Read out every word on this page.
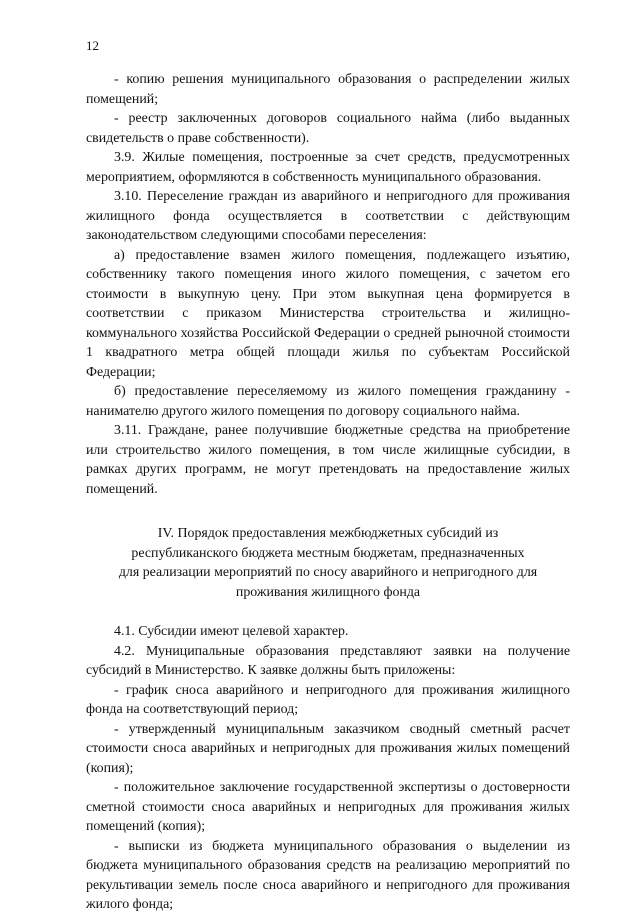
12

- копию решения муниципального образования о распределении жилых помещений;

- реестр заключенных договоров социального найма (либо выданных свидетельств о праве собственности).

3.9. Жилые помещения, построенные за счет средств, предусмотренных мероприятием, оформляются в собственность муниципального образования.

3.10. Переселение граждан из аварийного и непригодного для проживания жилищного фонда осуществляется в соответствии с действующим законодательством следующими способами переселения:

а) предоставление взамен жилого помещения, подлежащего изъятию, собственнику такого помещения иного жилого помещения, с зачетом его стоимости в выкупную цену. При этом выкупная цена формируется в соответствии с приказом Министерства строительства и жилищно-коммунального хозяйства Российской Федерации о средней рыночной стоимости 1 квадратного метра общей площади жилья по субъектам Российской Федерации;

б) предоставление переселяемому из жилого помещения гражданину - нанимателю другого жилого помещения по договору социального найма.

3.11. Граждане, ранее получившие бюджетные средства на приобретение или строительство жилого помещения, в том числе жилищные субсидии, в рамках других программ, не могут претендовать на предоставление жилых помещений.

IV. Порядок предоставления межбюджетных субсидий из
республиканского бюджета местным бюджетам, предназначенных
для реализации мероприятий по сносу аварийного и непригодного для
проживания жилищного фонда

4.1. Субсидии имеют целевой характер.

4.2. Муниципальные образования представляют заявки на получение субсидий в Министерство. К заявке должны быть приложены:

- график сноса аварийного и непригодного для проживания жилищного фонда на соответствующий период;

- утвержденный муниципальным заказчиком сводный сметный расчет стоимости сноса аварийных и непригодных для проживания жилых помещений (копия);

- положительное заключение государственной экспертизы о достоверности сметной стоимости сноса аварийных и непригодных для проживания жилых помещений (копия);

- выписки из бюджета муниципального образования о выделении из бюджета муниципального образования средств на реализацию мероприятий по рекультивации земель после сноса аварийного и непригодного для проживания жилого фонда;
